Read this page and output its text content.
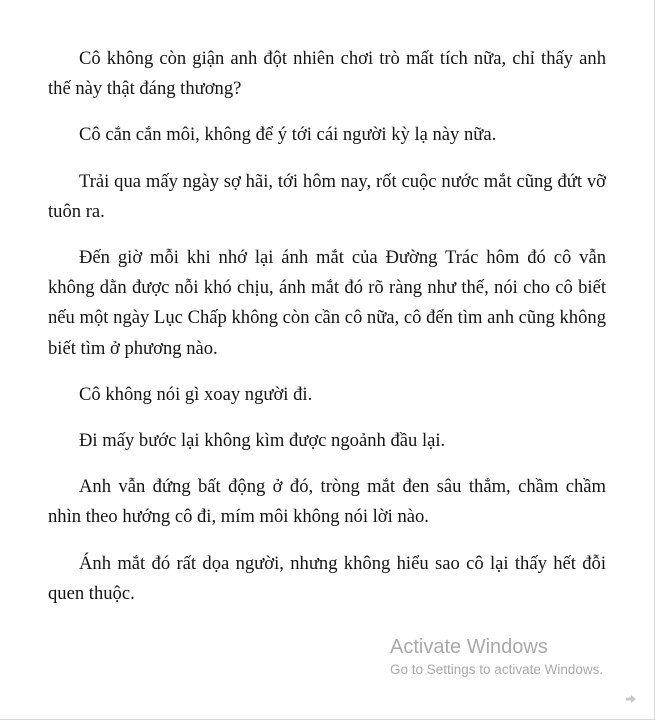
Cô không còn giận anh đột nhiên chơi trò mất tích nữa, chỉ thấy anh thế này thật đáng thương?

Cô cắn cắn môi, không để ý tới cái người kỳ lạ này nữa.

Trải qua mấy ngày sợ hãi, tới hôm nay, rốt cuộc nước mắt cũng đứt vỡ tuôn ra.

Đến giờ mỗi khi nhớ lại ánh mắt của Đường Trác hôm đó cô vẫn không dằn được nỗi khó chịu, ánh mắt đó rõ ràng như thế, nói cho cô biết nếu một ngày Lục Chấp không còn cần cô nữa, cô đến tìm anh cũng không biết tìm ở phương nào.

Cô không nói gì xoay người đi.

Đi mấy bước lại không kìm được ngoảnh đầu lại.

Anh vẫn đứng bất động ở đó, tròng mắt đen sâu thẳm, chầm chầm nhìn theo hướng cô đi, mím môi không nói lời nào.

Ánh mắt đó rất dọa người, nhưng không hiểu sao cô lại thấy hết đỗi quen thuộc.

Activate Windows
Go to Settings to activate Windows.
